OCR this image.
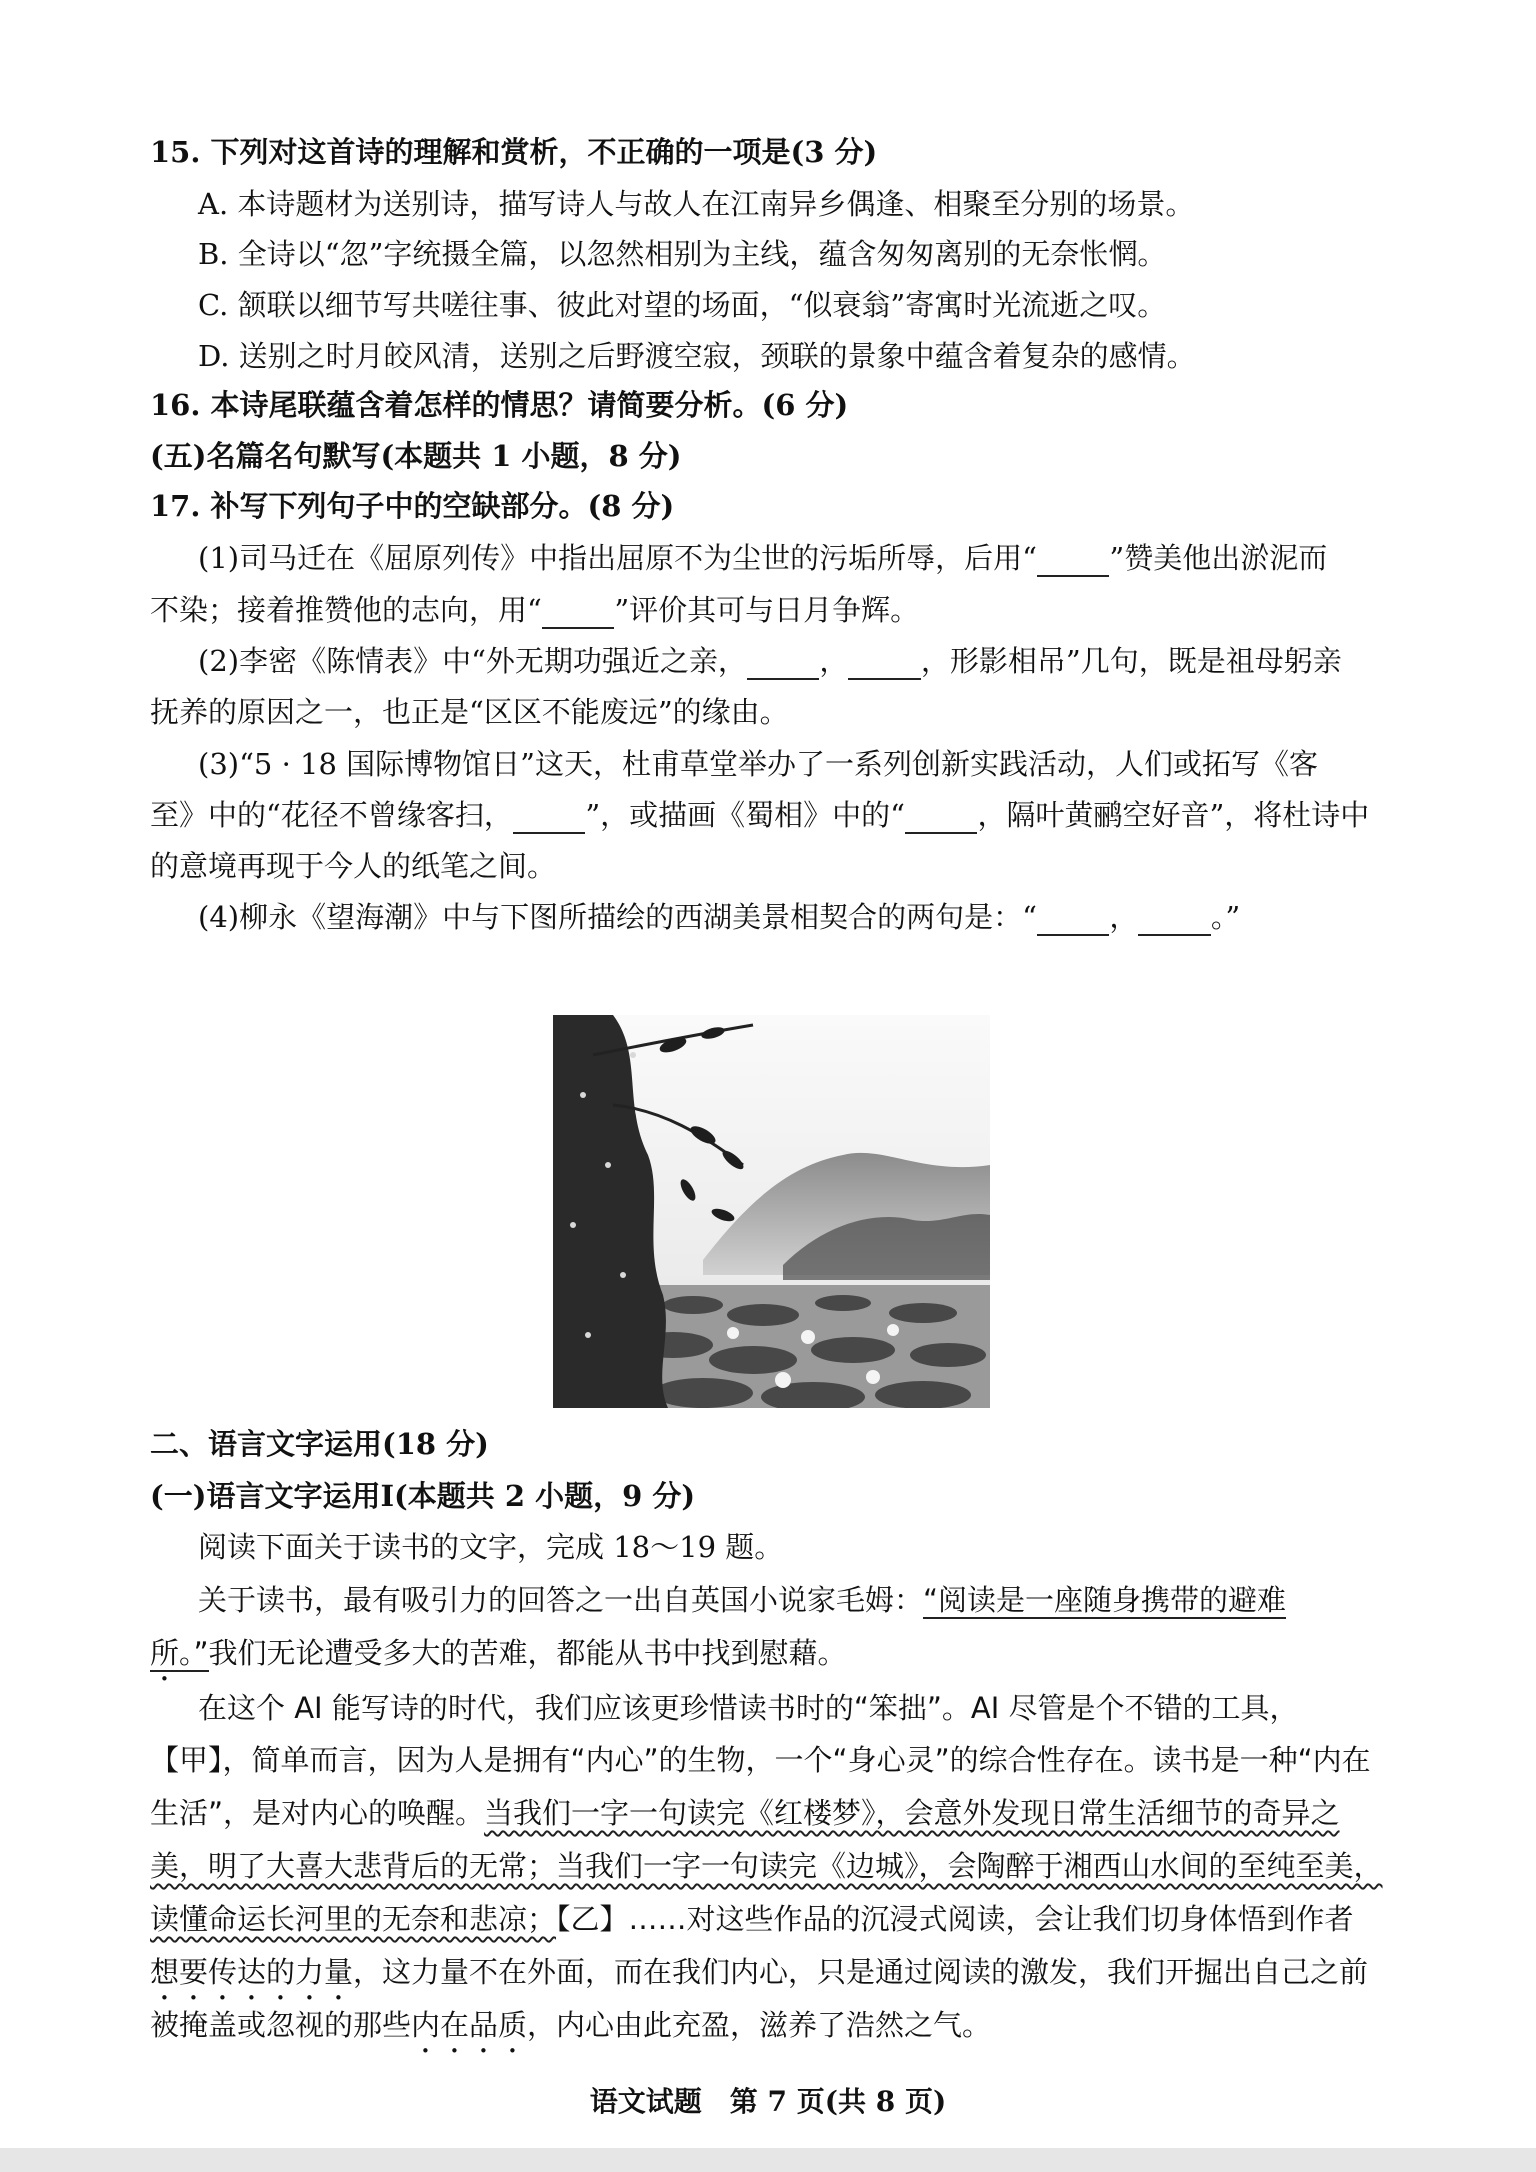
15. 下列对这首诗的理解和赏析，不正确的一项是(3 分)
A. 本诗题材为送别诗，描写诗人与故人在江南异乡偶逢、相聚至分别的场景。
B. 全诗以“忽”字统摄全篇，以忽然相别为主线，蕴含匆匆离别的无奈怅惘。
C. 颔联以细节写共嗟往事、彼此对望的场面，“似衰翁”寄寓时光流逝之叹。
D. 送别之时月皎风清，送别之后野渡空寂，颈联的景象中蕴含着复杂的感情。
16. 本诗尾联蕴含着怎样的情思？请简要分析。(6 分)
(五)名篇名句默写(本题共 1 小题，8 分)
17. 补写下列句子中的空缺部分。(8 分)
(1)司马迁在《屈原列传》中指出屈原不为尘世的污垢所辱，后用“   	”赞美他出淤泥而
不染；接着推赞他的志向，用“   	”评价其可与日月争辉。
(2)李密《陈情表》中“外无期功强近之亲，   	，   	，形影相吊”几句，既是祖母躬亲
抚养的原因之一，也正是“区区不能废远”的缘由。
(3)“5 · 18 国际博物馆日”这天，杜甫草堂举办了一系列创新实践活动，人们或拓写《客
至》中的“花径不曾缘客扫，   	”，或描画《蜀相》中的“   	，隔叶黄鹂空好音”，将杜诗中
的意境再现于今人的纸笔之间。
(4)柳永《望海潮》中与下图所描绘的西湖美景相契合的两句是：“   	，   	。”
二、语言文字运用(18 分)
(一)语言文字运用Ⅰ(本题共 2 小题，9 分)
阅读下面关于读书的文字，完成 18～19 题。
关于读书，最有吸引力的回答之一出自英国小说家毛姆：“阅读是一座随身携带的避难
所。”我们无论遭受多大的苦难，都能从书中找到慰藉。
在这个 AI 能写诗的时代，我们应该更珍惜读书时的“笨拙”。AI 尽管是个不错的工具，
【甲】，简单而言，因为人是拥有“内心”的生物，一个“身心灵”的综合性存在。读书是一种“内在
生活”，是对内心的唤醒。当我们一字一句读完《红楼梦》，会意外发现日常生活细节的奇异之
美，明了大喜大悲背后的无常；当我们一字一句读完《边城》，会陶醉于湘西山水间的至纯至美，
读懂命运长河里的无奈和悲凉；【乙】……对这些作品的沉浸式阅读，会让我们切身体悟到作者
想要传达的力量，这力量不在外面，而在我们内心，只是通过阅读的激发，我们开掘出自己之前
被掩盖或忽视的那些内在品质，内心由此充盈，滋养了浩然之气。
语文试题　第 7 页(共 8 页)
